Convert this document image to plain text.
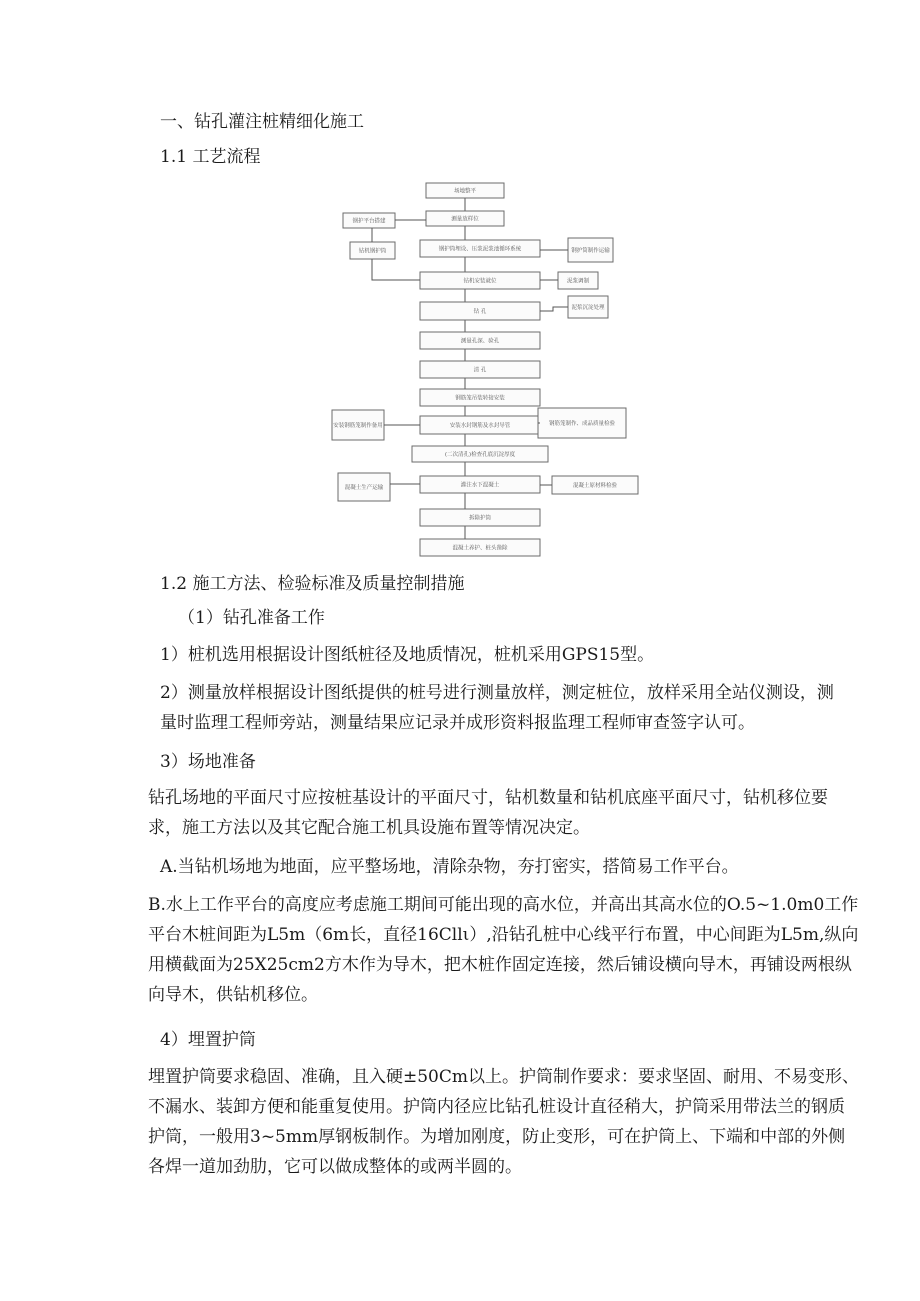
一、钻孔灌注桩精细化施工
1.1 工艺流程
场地整平
测量放样位
钢护筒埋设、压浆泥浆池循环系统
钻机安装就位
钻 孔
测量孔深、验孔
清 孔
钢筋笼吊装转接安装
安装水封钢筋及水封导管
(二次清孔)检查孔底沉淀厚度
灌注水下混凝土
拆除护筒
混凝土养护、桩头凿除
钢护平台搭建
钻机钢护筒
安装钢筋笼制作备用
混凝土生产运输
钢护筒制作运输
泥浆调制
泥浆沉淀处理
钢筋笼制作、成品质量检验
混凝土原材料检验
1.2 施工方法、检验标准及质量控制措施
（1）钻孔准备工作
1）桩机选用根据设计图纸桩径及地质情况，桩机采用GPS15型。
2）测量放样根据设计图纸提供的桩号进行测量放样，测定桩位，放样采用全站仪测设，测量时监理工程师旁站，测量结果应记录并成形资料报监理工程师审查签字认可。
3）场地准备
钻孔场地的平面尺寸应按桩基设计的平面尺寸，钻机数量和钻机底座平面尺寸，钻机移位要求，施工方法以及其它配合施工机具设施布置等情况决定。
A.当钻机场地为地面，应平整场地，清除杂物，夯打密实，搭简易工作平台。
B.水上工作平台的高度应考虑施工期间可能出现的高水位，并高出其高水位的O.5~1.0m0工作平台木桩间距为L5m（6m长，直径16Cllι）,沿钻孔桩中心线平行布置，中心间距为L5m,纵向用横截面为25X25cm2方木作为导木，把木桩作固定连接，然后铺设横向导木，再铺设两根纵向导木，供钻机移位。
4）埋置护筒
埋置护筒要求稳固、准确，且入硬±50Cm以上。护筒制作要求：要求坚固、耐用、不易变形、不漏水、装卸方便和能重复使用。护筒内径应比钻孔桩设计直径稍大，护筒采用带法兰的钢质护筒，一般用3~5mm厚钢板制作。为增加刚度，防止变形，可在护筒上、下端和中部的外侧各焊一道加劲肋，它可以做成整体的或两半圆的。
